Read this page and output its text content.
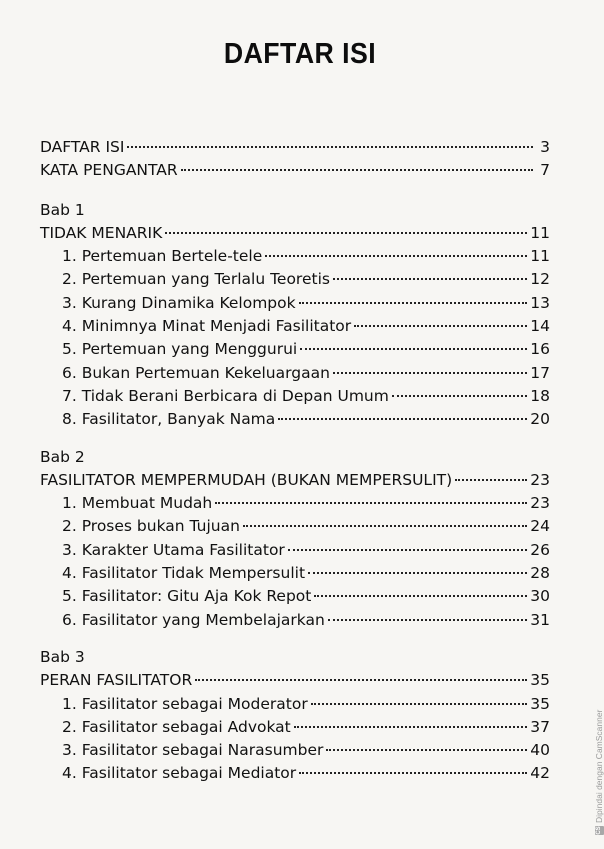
DAFTAR ISI
DAFTAR ISI	3
KATA PENGANTAR	7
Bab 1
TIDAK MENARIK	11
1. Pertemuan Bertele-tele	11
2. Pertemuan yang Terlalu Teoretis	12
3. Kurang Dinamika Kelompok	13
4. Minimnya Minat Menjadi Fasilitator	14
5. Pertemuan yang Menggurui	16
6. Bukan Pertemuan Kekeluargaan	17
7. Tidak Berani Berbicara di Depan Umum	18
8. Fasilitator, Banyak Nama	20
Bab 2
FASILITATOR MEMPERMUDAH (BUKAN MEMPERSULIT)	23
1. Membuat Mudah	23
2. Proses bukan Tujuan	24
3. Karakter Utama Fasilitator	26
4. Fasilitator Tidak Mempersulit	28
5. Fasilitator: Gitu Aja Kok Repot	30
6. Fasilitator yang Membelajarkan	31
Bab 3
PERAN FASILITATOR	35
1. Fasilitator sebagai Moderator	35
2. Fasilitator sebagai Advokat	37
3. Fasilitator sebagai Narasumber	40
4. Fasilitator sebagai Mediator	42
CS
Dipindai dengan CamScanner
